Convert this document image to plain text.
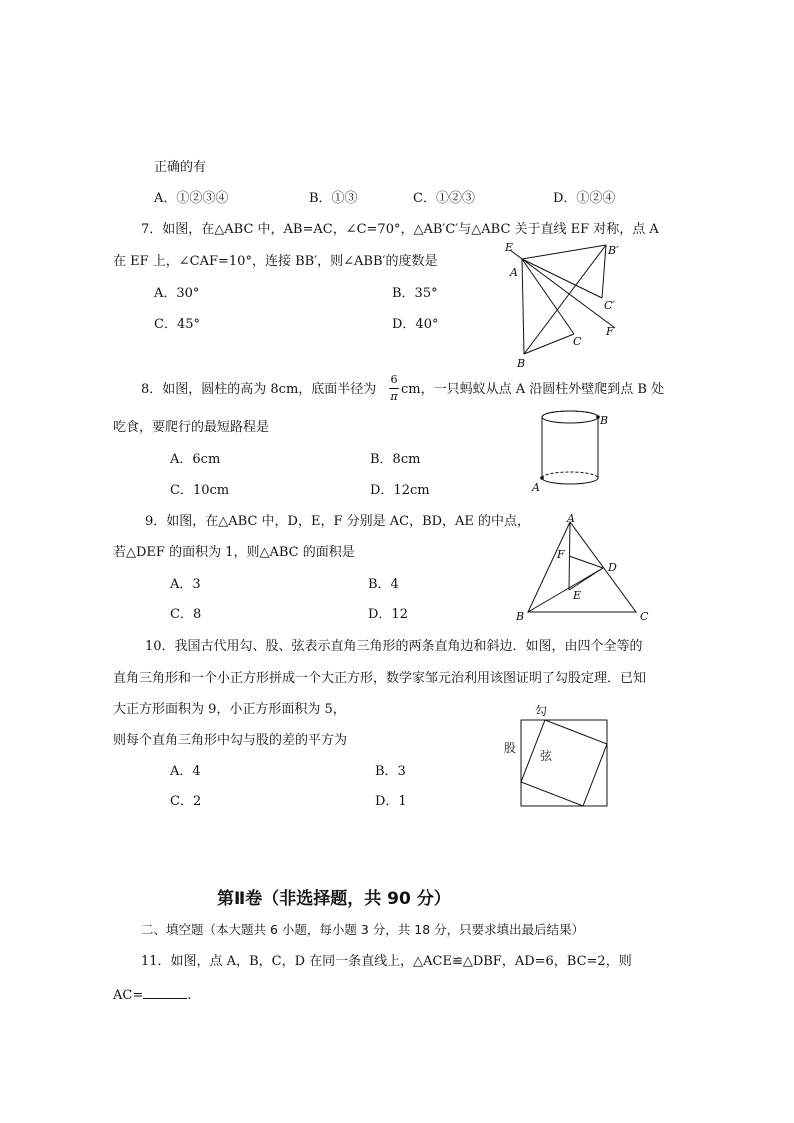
正确的有
A．①②③④	B．①③	C．①②③	D．①②④
7．如图，在△ABC 中，AB=AC，∠C=70°，△AB′C′与△ABC 关于直线 EF 对称，点 A
在 EF 上，∠CAF=10°，连接 BB′，则∠ABB′的度数是
A．30°	B．35°
C．45°	D．40°
E
A
B′
C′
F
C
B
8．如图，圆柱的高为 8cm，底面半径为
6
π cm，一只蚂蚁从点 A 沿圆柱外壁爬到点 B 处
吃食，要爬行的最短路程是
A．6cm	B．8cm
C．10cm	D．12cm
B
A
9．如图，在△ABC 中，D，E，F 分别是 AC，BD，AE 的中点，
若△DEF 的面积为 1，则△ABC 的面积是
A．3	B．4
C．8	D．12
A
F
D
E
B	C
10．我国古代用勾、股、弦表示直角三角形的两条直角边和斜边．如图，由四个全等的
直角三角形和一个小正方形拼成一个大正方形，数学家邹元治利用该图证明了勾股定理．已知
大正方形面积为 9，小正方形面积为 5，
则每个直角三角形中勾与股的差的平方为
A．4	B．3
C．2	D．1
勾
股
弦
第Ⅱ卷（非选择题，共 90 分）
二、填空题（本大题共 6 小题，每小题 3 分，共 18 分，只要求填出最后结果）
11．如图，点 A，B，C，D 在同一条直线上，△ACE≌△DBF，AD=6，BC=2，则
AC=	.
